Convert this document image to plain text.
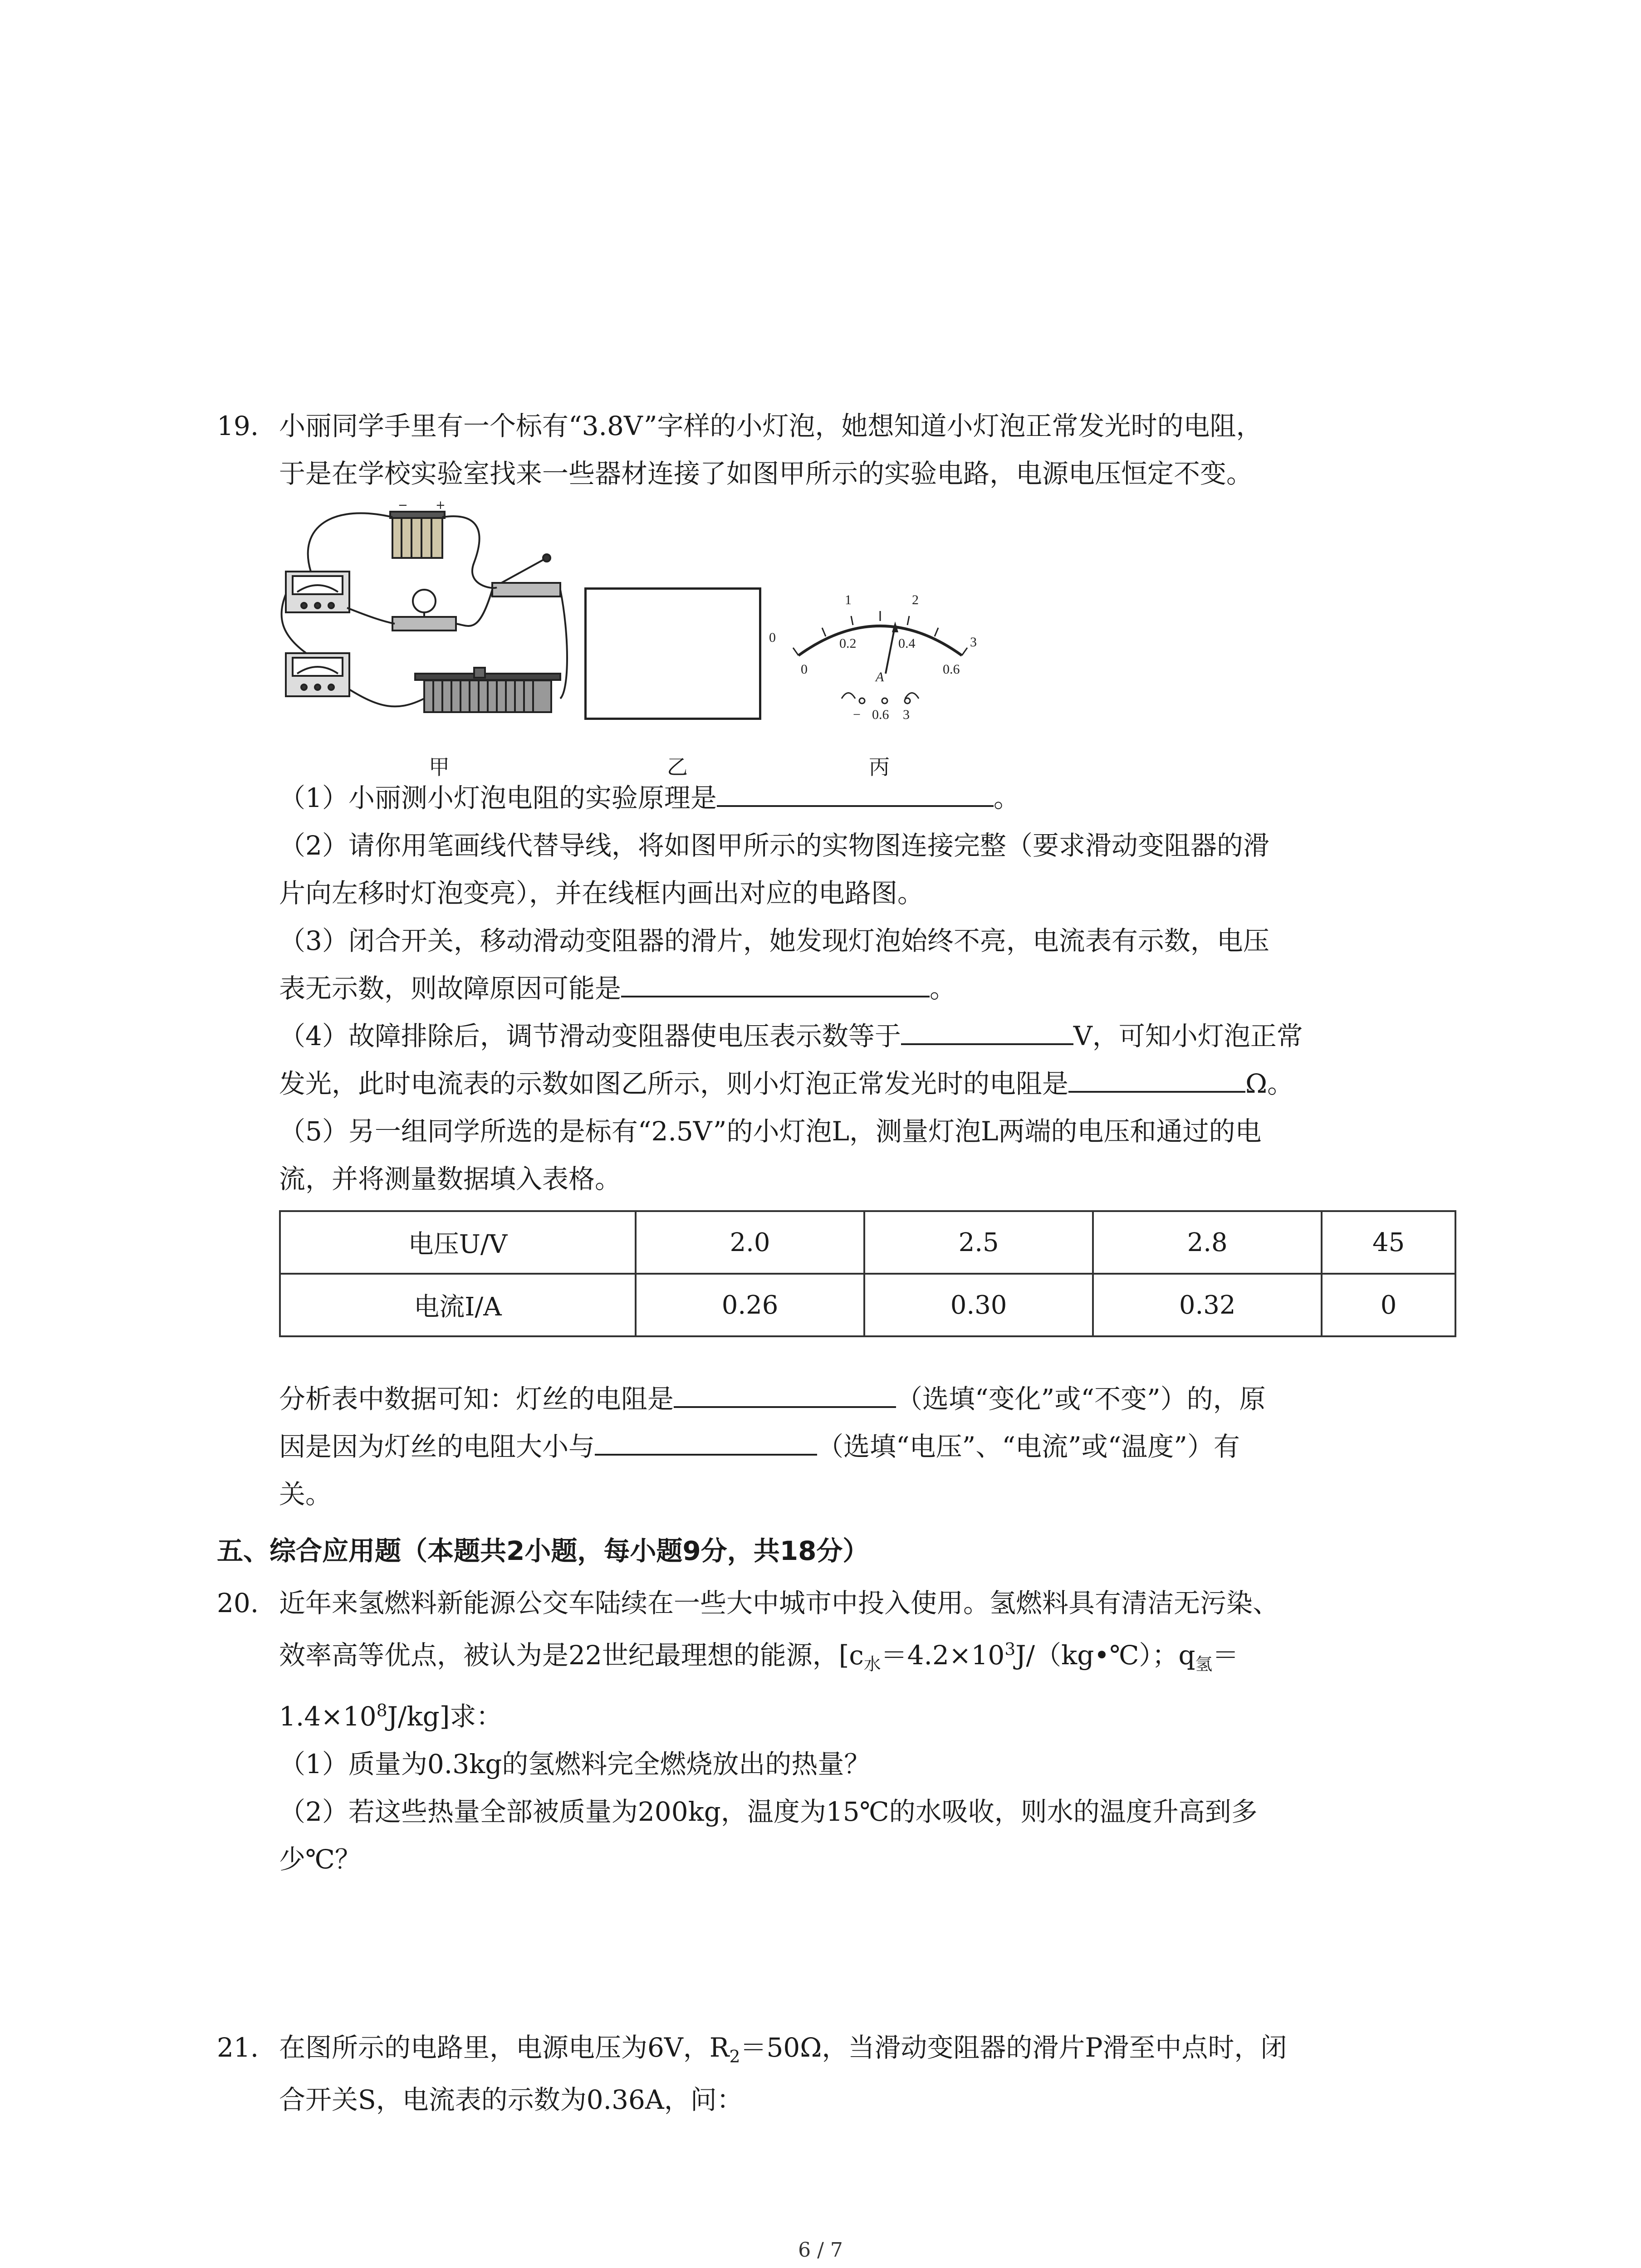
19. 小丽同学手里有一个标有“3.8V”字样的小灯泡，她想知道小灯泡正常发光时的电阻，
于是在学校实验室找来一些器材连接了如图甲所示的实验电路，电源电压恒定不变。
− +
甲	乙
0
1	2
3
0
0.2	0.4
0.6
A
− 0.6 3
丙
（1）小丽测小灯泡电阻的实验原理是	。
（2）请你用笔画线代替导线，将如图甲所示的实物图连接完整（要求滑动变阻器的滑
片向左移时灯泡变亮），并在线框内画出对应的电路图。
（3）闭合开关，移动滑动变阻器的滑片，她发现灯泡始终不亮，电流表有示数，电压
表无示数，则故障原因可能是	。
（4）故障排除后，调节滑动变阻器使电压表示数等于	V，可知小灯泡正常
发光，此时电流表的示数如图乙所示，则小灯泡正常发光时的电阻是	Ω。
（5）另一组同学所选的是标有“2.5V”的小灯泡L，测量灯泡L两端的电压和通过的电
流，并将测量数据填入表格。
电压U/V	2.0	2.5	2.8	45
电流I/A	0.26	0.30	0.32	0
分析表中数据可知：灯丝的电阻是	（选填“变化”或“不变”）的，原
因是因为灯丝的电阻大小与	（选填“电压”、“电流”或“温度”）有
关。
五、综合应用题（本题共2小题，每小题9分，共18分）
20. 近年来氢燃料新能源公交车陆续在一些大中城市中投入使用。氢燃料具有清洁无污染、
效率高等优点，被认为是22世纪最理想的能源，[$c_水=4.2\times 10^3J/(kg•℃)$；$q_氢=$
$1.4\times 10^8J/kg$]求：
（1）质量为0.3kg的氢燃料完全燃烧放出的热量？
（2）若这些热量全部被质量为200kg，温度为15℃的水吸收，则水的温度升高到多
少℃？
21. 在图所示的电路里，电源电压为6V，$R_2=50\Omega$，当滑动变阻器的滑片P滑至中点时，闭
合开关S，电流表的示数为0.36A，问：
6 / 7
